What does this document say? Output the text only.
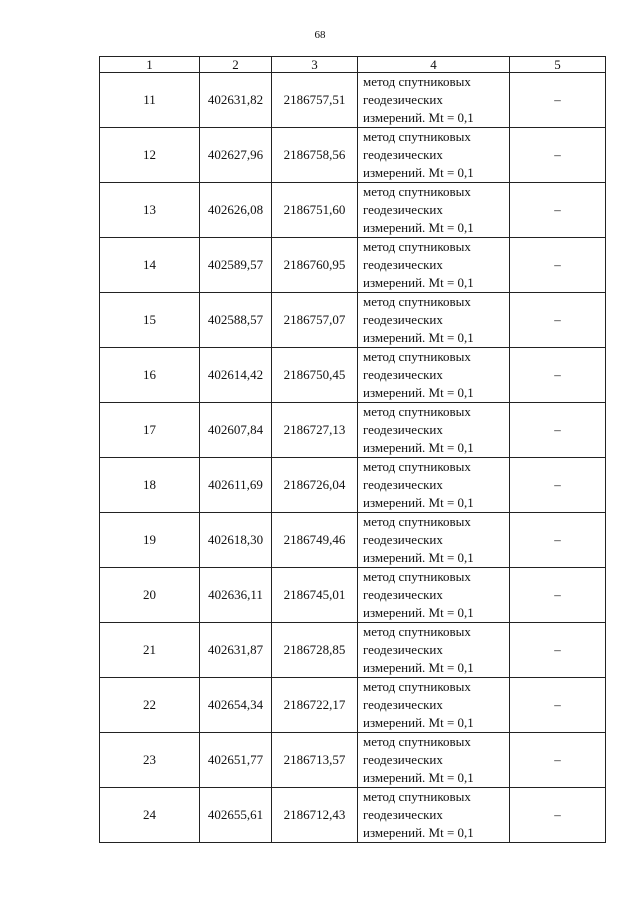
68
1	2	3	4	5
11	402631,82	2186757,51	метод спутниковых
геодезических
измерений. Mt = 0,1	–
12	402627,96	2186758,56	метод спутниковых
геодезических
измерений. Mt = 0,1	–
13	402626,08	2186751,60	метод спутниковых
геодезических
измерений. Mt = 0,1	–
14	402589,57	2186760,95	метод спутниковых
геодезических
измерений. Mt = 0,1	–
15	402588,57	2186757,07	метод спутниковых
геодезических
измерений. Mt = 0,1	–
16	402614,42	2186750,45	метод спутниковых
геодезических
измерений. Mt = 0,1	–
17	402607,84	2186727,13	метод спутниковых
геодезических
измерений. Mt = 0,1	–
18	402611,69	2186726,04	метод спутниковых
геодезических
измерений. Mt = 0,1	–
19	402618,30	2186749,46	метод спутниковых
геодезических
измерений. Mt = 0,1	–
20	402636,11	2186745,01	метод спутниковых
геодезических
измерений. Mt = 0,1	–
21	402631,87	2186728,85	метод спутниковых
геодезических
измерений. Mt = 0,1	–
22	402654,34	2186722,17	метод спутниковых
геодезических
измерений. Mt = 0,1	–
23	402651,77	2186713,57	метод спутниковых
геодезических
измерений. Mt = 0,1	–
24	402655,61	2186712,43	метод спутниковых
геодезических
измерений. Mt = 0,1	–
